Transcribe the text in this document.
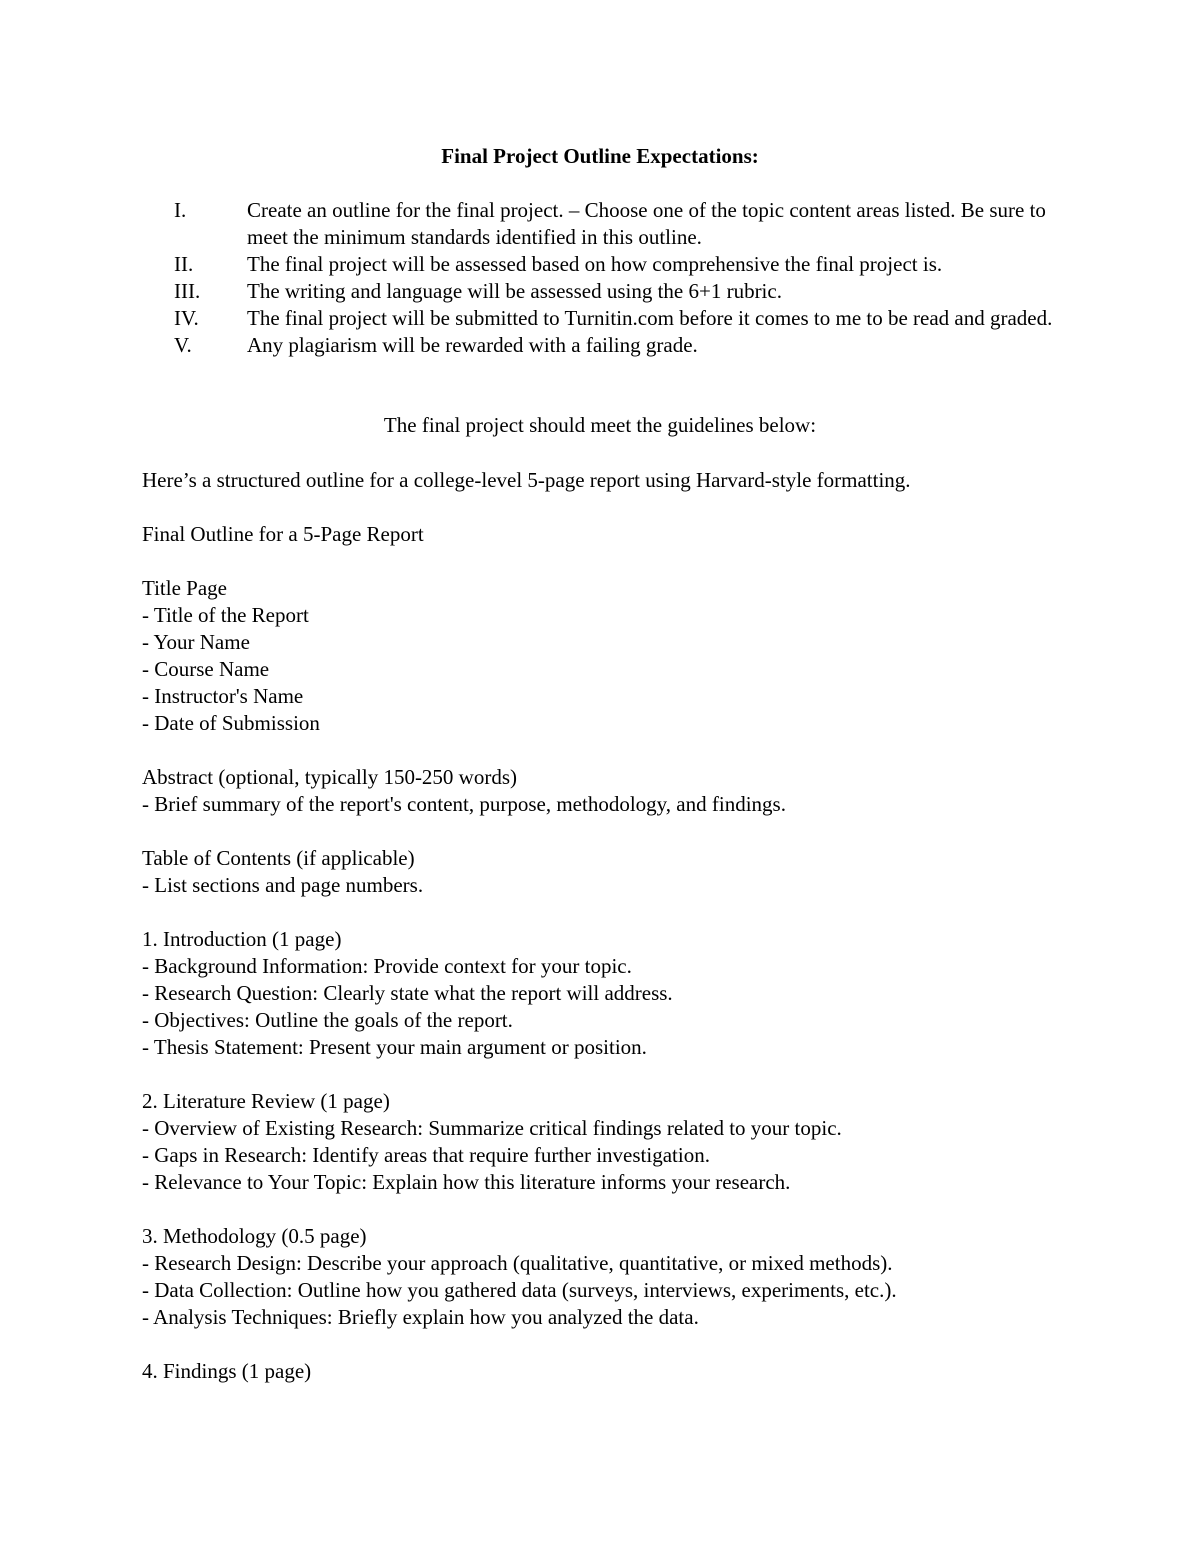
Final Project Outline Expectations:
I.	Create an outline for the final project. – Choose one of the topic content areas listed. Be sure to meet the minimum standards identified in this outline.
II.	The final project will be assessed based on how comprehensive the final project is.
III.	The writing and language will be assessed using the 6+1 rubric.
IV.	The final project will be submitted to Turnitin.com before it comes to me to be read and graded.
V.	Any plagiarism will be rewarded with a failing grade.
The final project should meet the guidelines below:
Here’s a structured outline for a college-level 5-page report using Harvard-style formatting.
Final Outline for a 5-Page Report
Title Page
- Title of the Report
- Your Name
- Course Name
- Instructor's Name
- Date of Submission
Abstract (optional, typically 150-250 words)
- Brief summary of the report's content, purpose, methodology, and findings.
Table of Contents (if applicable)
- List sections and page numbers.
1. Introduction (1 page)
- Background Information: Provide context for your topic.
- Research Question: Clearly state what the report will address.
- Objectives: Outline the goals of the report.
- Thesis Statement: Present your main argument or position.
2. Literature Review (1 page)
- Overview of Existing Research: Summarize critical findings related to your topic.
- Gaps in Research: Identify areas that require further investigation.
- Relevance to Your Topic: Explain how this literature informs your research.
3. Methodology (0.5 page)
- Research Design: Describe your approach (qualitative, quantitative, or mixed methods).
- Data Collection: Outline how you gathered data (surveys, interviews, experiments, etc.).
- Analysis Techniques: Briefly explain how you analyzed the data.
4. Findings (1 page)
